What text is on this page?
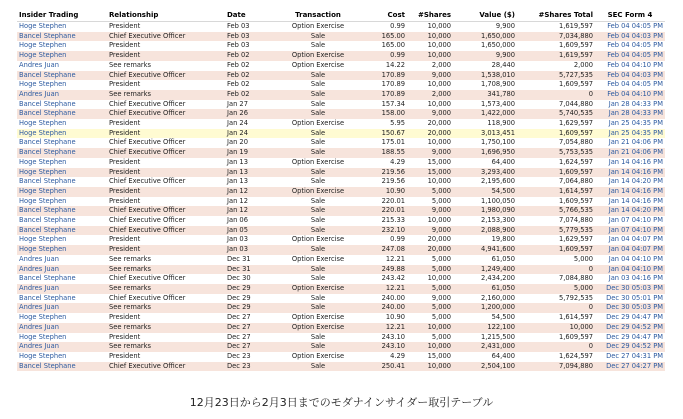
Insider Trading	Relationship	Date	Transaction	Cost	#Shares	Value ($)	#Shares Total	SEC Form 4
Hoge Stephen	President	Feb 03	Option Exercise	0.99	10,000	9,900	1,619,597	Feb 04 04:05 PM
Bancel Stephane	Chief Executive Officer	Feb 03	Sale	165.00	10,000	1,650,000	7,034,880	Feb 04 04:03 PM
Hoge Stephen	President	Feb 03	Sale	165.00	10,000	1,650,000	1,609,597	Feb 04 04:05 PM
Hoge Stephen	President	Feb 02	Option Exercise	0.99	10,000	9,900	1,619,597	Feb 04 04:05 PM
Andres Juan	See remarks	Feb 02	Option Exercise	14.22	2,000	28,440	2,000	Feb 04 04:10 PM
Bancel Stephane	Chief Executive Officer	Feb 02	Sale	170.89	9,000	1,538,010	5,727,535	Feb 04 04:03 PM
Hoge Stephen	President	Feb 02	Sale	170.89	10,000	1,708,900	1,609,597	Feb 04 04:05 PM
Andres Juan	See remarks	Feb 02	Sale	170.89	2,000	341,780	0	Feb 04 04:10 PM
Bancel Stephane	Chief Executive Officer	Jan 27	Sale	157.34	10,000	1,573,400	7,044,880	Jan 28 04:33 PM
Bancel Stephane	Chief Executive Officer	Jan 26	Sale	158.00	9,000	1,422,000	5,740,535	Jan 28 04:33 PM
Hoge Stephen	President	Jan 24	Option Exercise	5.95	20,000	118,900	1,629,597	Jan 25 04:35 PM
Hoge Stephen	President	Jan 24	Sale	150.67	20,000	3,013,451	1,609,597	Jan 25 04:35 PM
Bancel Stephane	Chief Executive Officer	Jan 20	Sale	175.01	10,000	1,750,100	7,054,880	Jan 21 04:06 PM
Bancel Stephane	Chief Executive Officer	Jan 19	Sale	188.55	9,000	1,696,950	5,753,535	Jan 21 04:06 PM
Hoge Stephen	President	Jan 13	Option Exercise	4.29	15,000	64,400	1,624,597	Jan 14 04:16 PM
Hoge Stephen	President	Jan 13	Sale	219.56	15,000	3,293,400	1,609,597	Jan 14 04:16 PM
Bancel Stephane	Chief Executive Officer	Jan 13	Sale	219.56	10,000	2,195,600	7,064,880	Jan 14 04:20 PM
Hoge Stephen	President	Jan 12	Option Exercise	10.90	5,000	54,500	1,614,597	Jan 14 04:16 PM
Hoge Stephen	President	Jan 12	Sale	220.01	5,000	1,100,050	1,609,597	Jan 14 04:16 PM
Bancel Stephane	Chief Executive Officer	Jan 12	Sale	220.01	9,000	1,980,090	5,766,535	Jan 14 04:20 PM
Bancel Stephane	Chief Executive Officer	Jan 06	Sale	215.33	10,000	2,153,300	7,074,880	Jan 07 04:10 PM
Bancel Stephane	Chief Executive Officer	Jan 05	Sale	232.10	9,000	2,088,900	5,779,535	Jan 07 04:10 PM
Hoge Stephen	President	Jan 03	Option Exercise	0.99	20,000	19,800	1,629,597	Jan 04 04:07 PM
Hoge Stephen	President	Jan 03	Sale	247.08	20,000	4,941,600	1,609,597	Jan 04 04:07 PM
Andres Juan	See remarks	Dec 31	Option Exercise	12.21	5,000	61,050	5,000	Jan 04 04:10 PM
Andres Juan	See remarks	Dec 31	Sale	249.88	5,000	1,249,400	0	Jan 04 04:10 PM
Bancel Stephane	Chief Executive Officer	Dec 30	Sale	243.42	10,000	2,434,200	7,084,880	Jan 03 04:16 PM
Andres Juan	See remarks	Dec 29	Option Exercise	12.21	5,000	61,050	5,000	Dec 30 05:03 PM
Bancel Stephane	Chief Executive Officer	Dec 29	Sale	240.00	9,000	2,160,000	5,792,535	Dec 30 05:01 PM
Andres Juan	See remarks	Dec 29	Sale	240.00	5,000	1,200,000	0	Dec 30 05:03 PM
Hoge Stephen	President	Dec 27	Option Exercise	10.90	5,000	54,500	1,614,597	Dec 29 04:47 PM
Andres Juan	See remarks	Dec 27	Option Exercise	12.21	10,000	122,100	10,000	Dec 29 04:52 PM
Hoge Stephen	President	Dec 27	Sale	243.10	5,000	1,215,500	1,609,597	Dec 29 04:47 PM
Andres Juan	See remarks	Dec 27	Sale	243.10	10,000	2,431,000	0	Dec 29 04:52 PM
Hoge Stephen	President	Dec 23	Option Exercise	4.29	15,000	64,400	1,624,597	Dec 27 04:31 PM
Bancel Stephane	Chief Executive Officer	Dec 23	Sale	250.41	10,000	2,504,100	7,094,880	Dec 27 04:27 PM
12月23日から2月3日までのモダナインサイダー取引テーブル
